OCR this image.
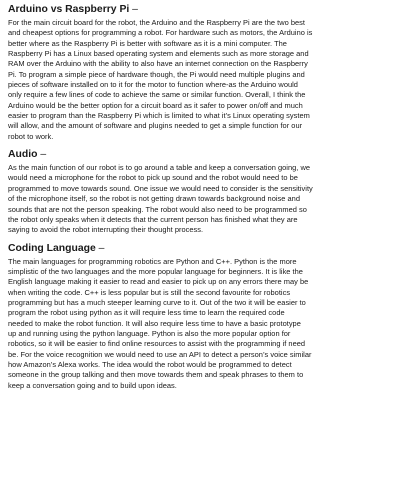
Arduino vs Raspberry Pi –
For the main circuit board for the robot, the Arduino and the Raspberry Pi are the two best
and cheapest options for programming a robot. For hardware such as motors, the Arduino is
better where as the Raspberry Pi is better with software as it is a mini computer. The
Raspberry Pi has a Linux based operating system and elements such as more storage and
RAM over the Arduino with the ability to also have an internet connection on the Raspberry
Pi. To program a simple piece of hardware though, the Pi would need multiple plugins and
pieces of software installed on to it for the motor to function where-as the Arduino would
only require a few lines of code to achieve the same or similar function. Overall, I think the
Arduino would be the better option for a circuit board as it safer to power on/off and much
easier to program than the Raspberry Pi which is limited to what it’s Linux operating system
will allow, and the amount of software and plugins needed to get a simple function for our
robot to work.
Audio –
As the main function of our robot is to go around a table and keep a conversation going, we
would need a microphone for the robot to pick up sound and the robot would need to be
programmed to move towards sound. One issue we would need to consider is the sensitivity
of the microphone itself, so the robot is not getting drawn towards background noise and
sounds that are not the person speaking. The robot would also need to be programmed so
the robot only speaks when it detects that the current person has finished what they are
saying to avoid the robot interrupting their thought process.
Coding Language –
The main languages for programming robotics are Python and C++. Python is the more
simplistic of the two languages and the more popular language for beginners. It is like the
English language making it easier to read and easier to pick up on any errors there may be
when writing the code. C++ is less popular but is still the second favourite for robotics
programming but has a much steeper learning curve to it. Out of the two it will be easier to
program the robot using python as it will require less time to learn the required code
needed to make the robot function. It will also require less time to have a basic prototype
up and running using the python language. Python is also the more popular option for
robotics, so it will be easier to find online resources to assist with the programming if need
be. For the voice recognition we would need to use an API to detect a person’s voice similar
how Amazon’s Alexa works. The idea would the robot would be programmed to detect
someone in the group talking and then move towards them and speak phrases to them to
keep a conversation going and to build upon ideas.
